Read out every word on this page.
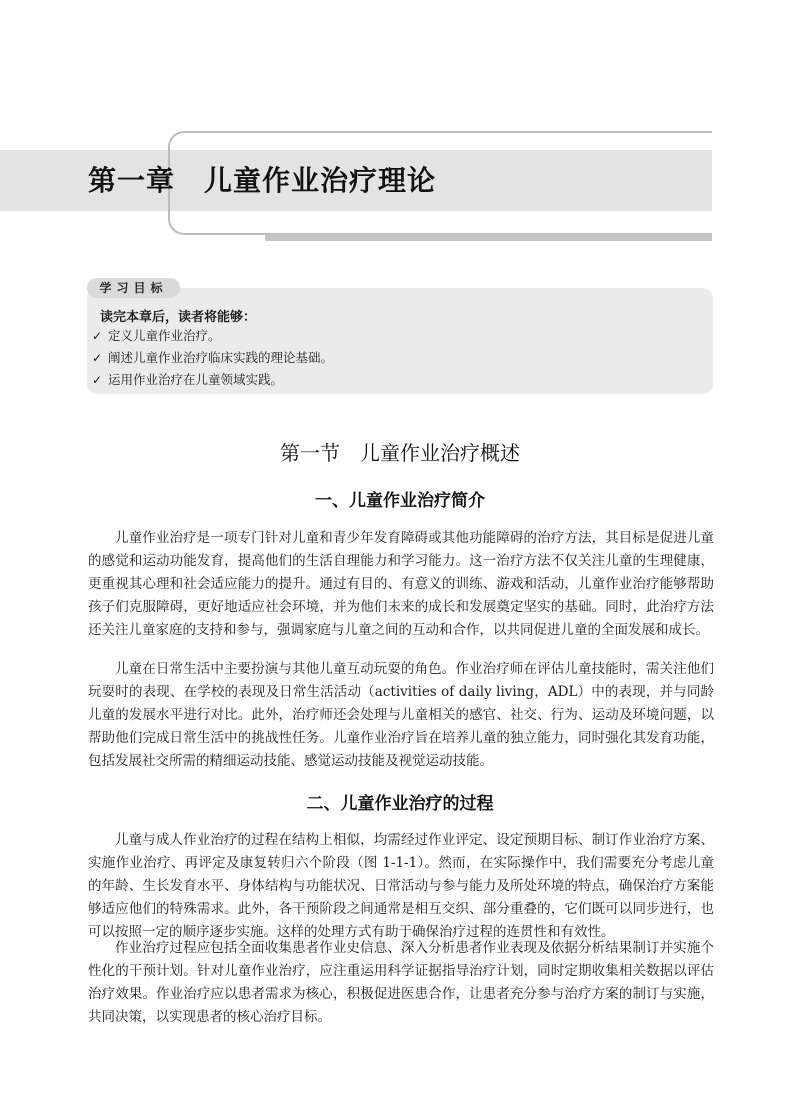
第一章　儿童作业治疗理论
学习目标
读完本章后，读者将能够：
✓ 定义儿童作业治疗。
✓ 阐述儿童作业治疗临床实践的理论基础。
✓ 运用作业治疗在儿童领域实践。
第一节　儿童作业治疗概述
一、儿童作业治疗简介

儿童作业治疗是一项专门针对儿童和青少年发育障碍或其他功能障碍的治疗方法，其目标是促进儿童的感觉和运动功能发育，提高他们的生活自理能力和学习能力。这一治疗方法不仅关注儿童的生理健康，更重视其心理和社会适应能力的提升。通过有目的、有意义的训练、游戏和活动，儿童作业治疗能够帮助孩子们克服障碍，更好地适应社会环境，并为他们未来的成长和发展奠定坚实的基础。同时，此治疗方法还关注儿童家庭的支持和参与，强调家庭与儿童之间的互动和合作，以共同促进儿童的全面发展和成长。

儿童在日常生活中主要扮演与其他儿童互动玩耍的角色。作业治疗师在评估儿童技能时，需关注他们玩耍时的表现、在学校的表现及日常生活活动（activities of daily living，ADL）中的表现，并与同龄儿童的发展水平进行对比。此外，治疗师还会处理与儿童相关的感官、社交、行为、运动及环境问题，以帮助他们完成日常生活中的挑战性任务。儿童作业治疗旨在培养儿童的独立能力，同时强化其发育功能，包括发展社交所需的精细运动技能、感觉运动技能及视觉运动技能。

二、儿童作业治疗的过程

儿童与成人作业治疗的过程在结构上相似，均需经过作业评定、设定预期目标、制订作业治疗方案、实施作业治疗、再评定及康复转归六个阶段（图 1-1-1）。然而，在实际操作中，我们需要充分考虑儿童的年龄、生长发育水平、身体结构与功能状况、日常活动与参与能力及所处环境的特点，确保治疗方案能够适应他们的特殊需求。此外，各干预阶段之间通常是相互交织、部分重叠的，它们既可以同步进行，也可以按照一定的顺序逐步实施。这样的处理方式有助于确保治疗过程的连贯性和有效性。

作业治疗过程应包括全面收集患者作业史信息、深入分析患者作业表现及依据分析结果制订并实施个性化的干预计划。针对儿童作业治疗，应注重运用科学证据指导治疗计划，同时定期收集相关数据以评估治疗效果。作业治疗应以患者需求为核心，积极促进医患合作，让患者充分参与治疗方案的制订与实施，共同决策，以实现患者的核心治疗目标。
